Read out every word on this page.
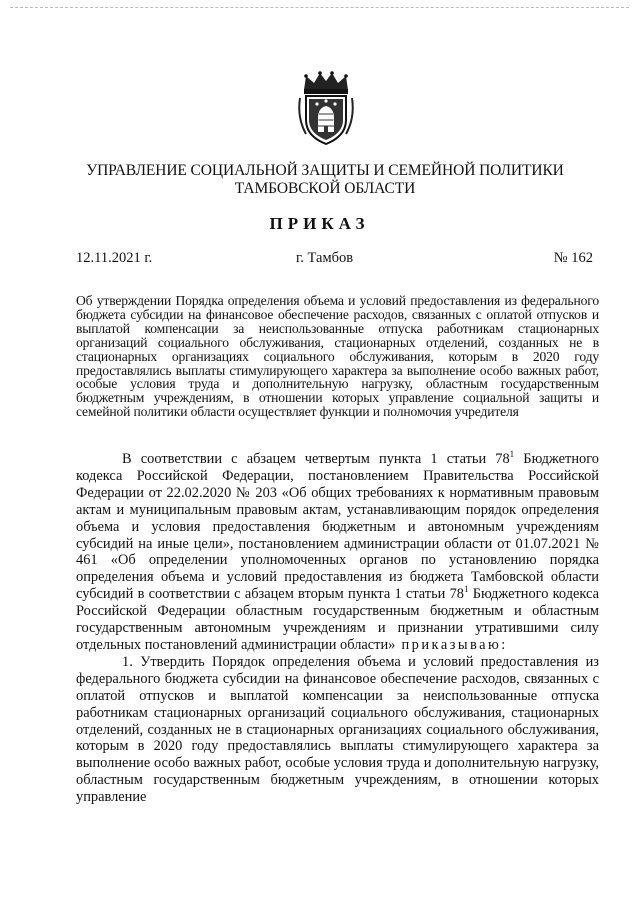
УПРАВЛЕНИЕ СОЦИАЛЬНОЙ ЗАЩИТЫ И СЕМЕЙНОЙ ПОЛИТИКИ
ТАМБОВСКОЙ ОБЛАСТИ
ПРИКАЗ
12.11.2021 г.	г. Тамбов	№ 162
Об утверждении Порядка определения объема и условий предоставления из федерального бюджета субсидии на финансовое обеспечение расходов, связанных с оплатой отпусков и выплатой компенсации за неиспользованные отпуска работникам стационарных организаций социального обслуживания, стационарных отделений, созданных не в стационарных организациях социального обслуживания, которым в 2020 году предоставлялись выплаты стимулирующего характера за выполнение особо важных работ, особые условия труда и дополнительную нагрузку, областным государственным бюджетным учреждениям, в отношении которых управление социальной защиты и семейной политики области осуществляет функции и полномочия учредителя

В соответствии с абзацем четвертым пункта 1 статьи $78^1$ Бюджетного кодекса Российской Федерации, постановлением Правительства Российской Федерации от 22.02.2020 № 203 «Об общих требованиях к нормативным правовым актам и муниципальным правовым актам, устанавливающим порядок определения объема и условия предоставления бюджетным и автономным учреждениям субсидий на иные цели», постановлением администрации области от 01.07.2021 № 461 «Об определении уполномоченных органов по установлению порядка определения объема и условий предоставления из бюджета Тамбовской области субсидий в соответствии с абзацем вторым пункта 1 статьи $78^1$ Бюджетного кодекса Российской Федерации областным государственным бюджетным и областным государственным автономным учреждениям и признании утратившими силу отдельных постановлений администрации области» приказываю:

1. Утвердить Порядок определения объема и условий предоставления из федерального бюджета субсидии на финансовое обеспечение расходов, связанных с оплатой отпусков и выплатой компенсации за неиспользованные отпуска работникам стационарных организаций социального обслуживания, стационарных отделений, созданных не в стационарных организациях социального обслуживания, которым в 2020 году предоставлялись выплаты стимулирующего характера за выполнение особо важных работ, особые условия труда и дополнительную нагрузку, областным государственным бюджетным учреждениям, в отношении которых управление
